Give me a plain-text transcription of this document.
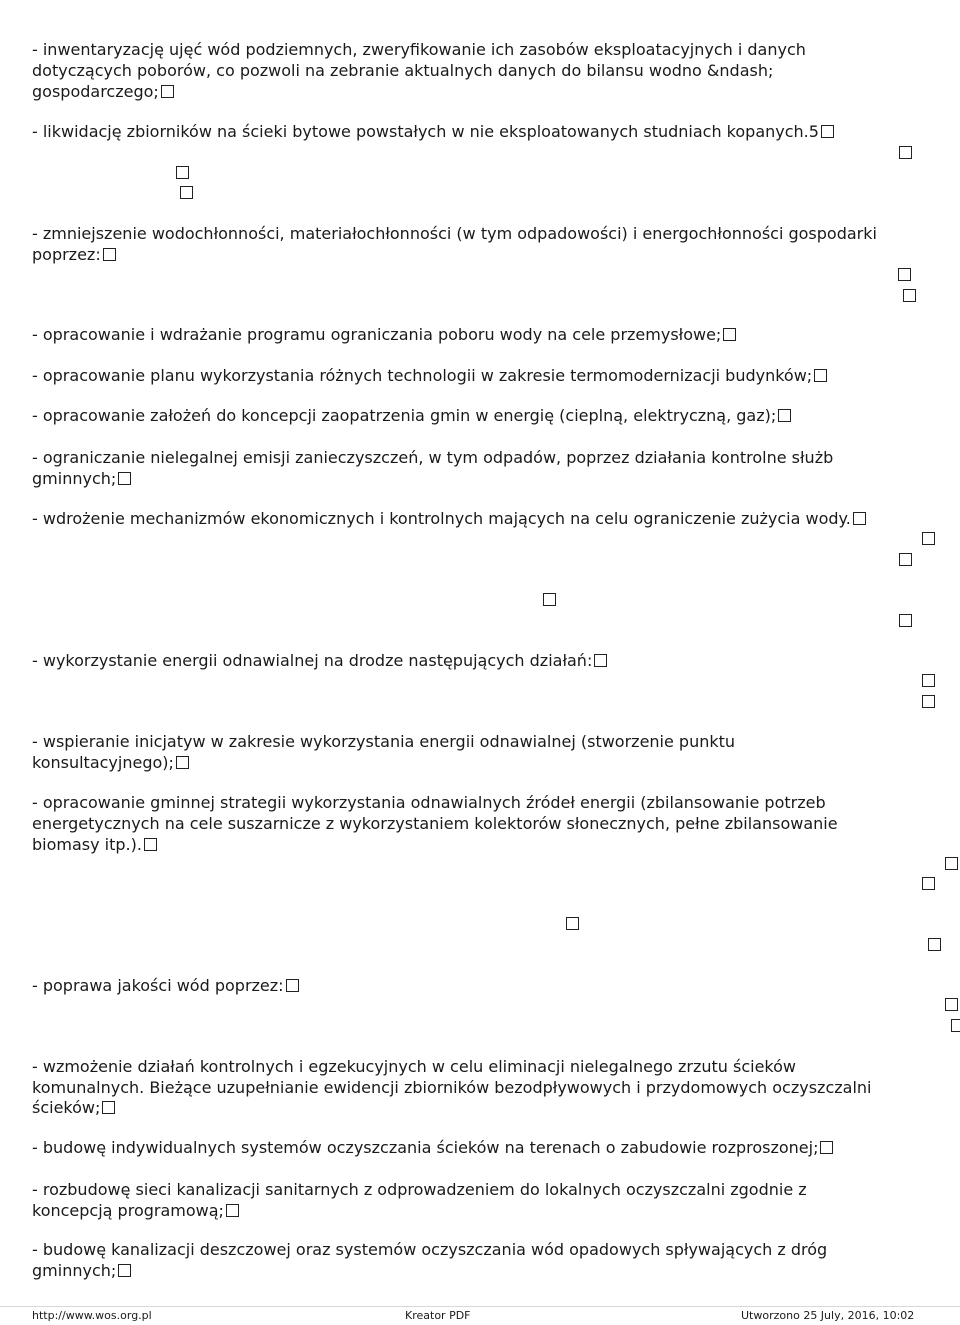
- inwentaryzację ujęć wód podziemnych, zweryfikowanie ich zasobów eksploatacyjnych i danych
dotyczących poborów, co pozwoli na zebranie aktualnych danych do bilansu wodno &ndash;
gospodarczego;
- likwidację zbiorników na ścieki bytowe powstałych w nie eksploatowanych studniach kopanych.5
- zmniejszenie wodochłonności, materiałochłonności (w tym odpadowości) i energochłonności gospodarki
poprzez:
- opracowanie i wdrażanie programu ograniczania poboru wody na cele przemysłowe;
- opracowanie planu wykorzystania różnych technologii w zakresie termomodernizacji budynków;
- opracowanie założeń do koncepcji zaopatrzenia gmin w energię (cieplną, elektryczną, gaz);
- ograniczanie nielegalnej emisji zanieczyszczeń, w tym odpadów, poprzez działania kontrolne służb
gminnych;
- wdrożenie mechanizmów ekonomicznych i kontrolnych mających na celu ograniczenie zużycia wody.
- wykorzystanie energii odnawialnej na drodze następujących działań:
- wspieranie inicjatyw w zakresie wykorzystania energii odnawialnej (stworzenie punktu
konsultacyjnego);
- opracowanie gminnej strategii wykorzystania odnawialnych źródeł energii (zbilansowanie potrzeb
energetycznych na cele suszarnicze z wykorzystaniem kolektorów słonecznych, pełne zbilansowanie
biomasy itp.).
- poprawa jakości wód poprzez:
- wzmożenie działań kontrolnych i egzekucyjnych w celu eliminacji nielegalnego zrzutu ścieków
komunalnych. Bieżące uzupełnianie ewidencji zbiorników bezodpływowych i przydomowych oczyszczalni
ścieków;
- budowę indywidualnych systemów oczyszczania ścieków na terenach o zabudowie rozproszonej;
- rozbudowę sieci kanalizacji sanitarnych z odprowadzeniem do lokalnych oczyszczalni zgodnie z
koncepcją programową;
- budowę kanalizacji deszczowej oraz systemów oczyszczania wód opadowych spływających z dróg
gminnych;
http://www.wos.org.pl	Kreator PDF	Utworzono 25 July, 2016, 10:02
